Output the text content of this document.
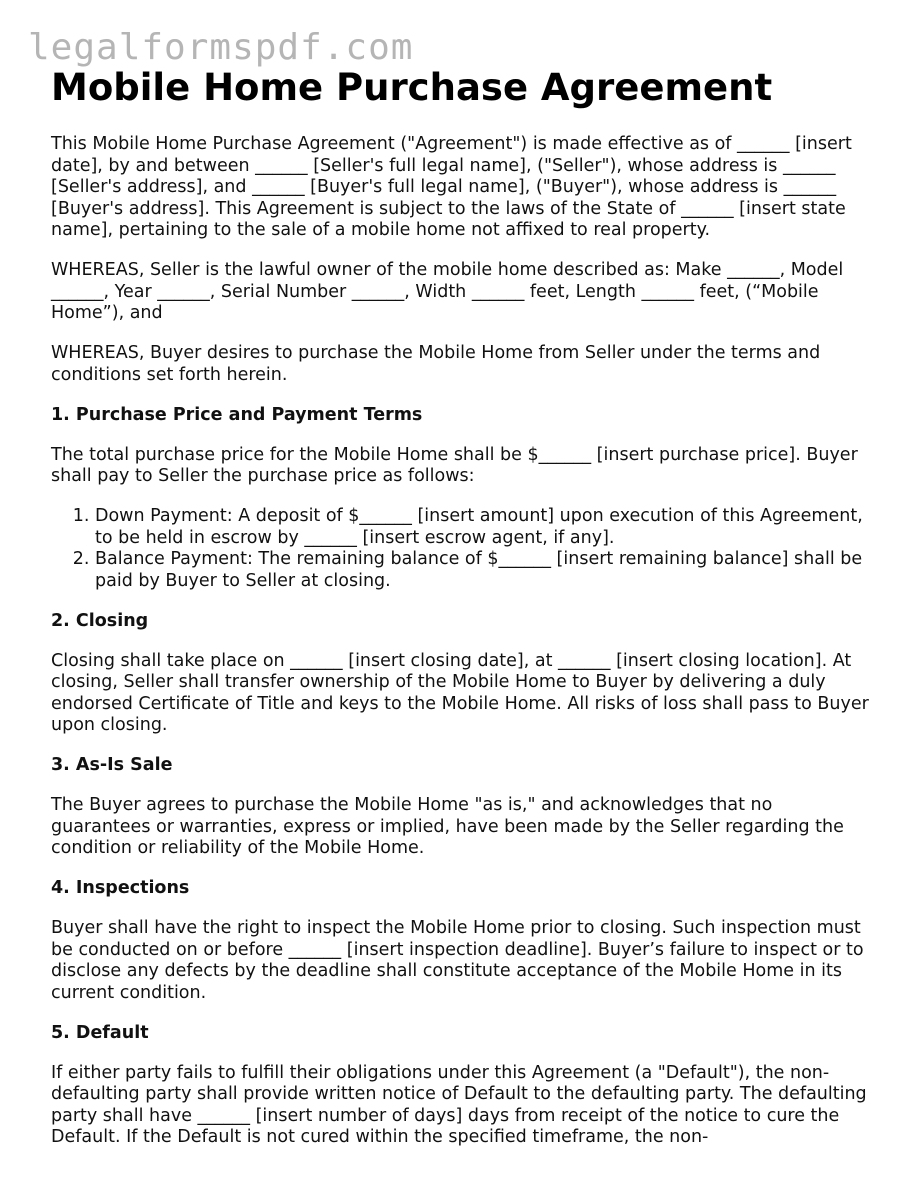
legalformspdf.com
Mobile Home Purchase Agreement

This Mobile Home Purchase Agreement ("Agreement") is made effective as of ______ [insert date], by and between ______ [Seller's full legal name], ("Seller"), whose address is ______ [Seller's address], and ______ [Buyer's full legal name], ("Buyer"), whose address is ______ [Buyer's address]. This Agreement is subject to the laws of the State of ______ [insert state name], pertaining to the sale of a mobile home not affixed to real property.

WHEREAS, Seller is the lawful owner of the mobile home described as: Make ______, Model ______, Year ______, Serial Number ______, Width ______ feet, Length ______ feet, (“Mobile Home”), and

WHEREAS, Buyer desires to purchase the Mobile Home from Seller under the terms and conditions set forth herein.

1. Purchase Price and Payment Terms

The total purchase price for the Mobile Home shall be $______ [insert purchase price]. Buyer shall pay to Seller the purchase price as follows:

1. Down Payment: A deposit of $______ [insert amount] upon execution of this Agreement, to be held in escrow by ______ [insert escrow agent, if any].
2. Balance Payment: The remaining balance of $______ [insert remaining balance] shall be paid by Buyer to Seller at closing.
2. Closing

Closing shall take place on ______ [insert closing date], at ______ [insert closing location]. At closing, Seller shall transfer ownership of the Mobile Home to Buyer by delivering a duly endorsed Certificate of Title and keys to the Mobile Home. All risks of loss shall pass to Buyer upon closing.

3. As-Is Sale

The Buyer agrees to purchase the Mobile Home "as is," and acknowledges that no guarantees or warranties, express or implied, have been made by the Seller regarding the condition or reliability of the Mobile Home.

4. Inspections

Buyer shall have the right to inspect the Mobile Home prior to closing. Such inspection must be conducted on or before ______ [insert inspection deadline]. Buyer’s failure to inspect or to disclose any defects by the deadline shall constitute acceptance of the Mobile Home in its current condition.

5. Default

If either party fails to fulfill their obligations under this Agreement (a "Default"), the non-defaulting party shall provide written notice of Default to the defaulting party. The defaulting party shall have ______ [insert number of days] days from receipt of the notice to cure the Default. If the Default is not cured within the specified timeframe, the non-
